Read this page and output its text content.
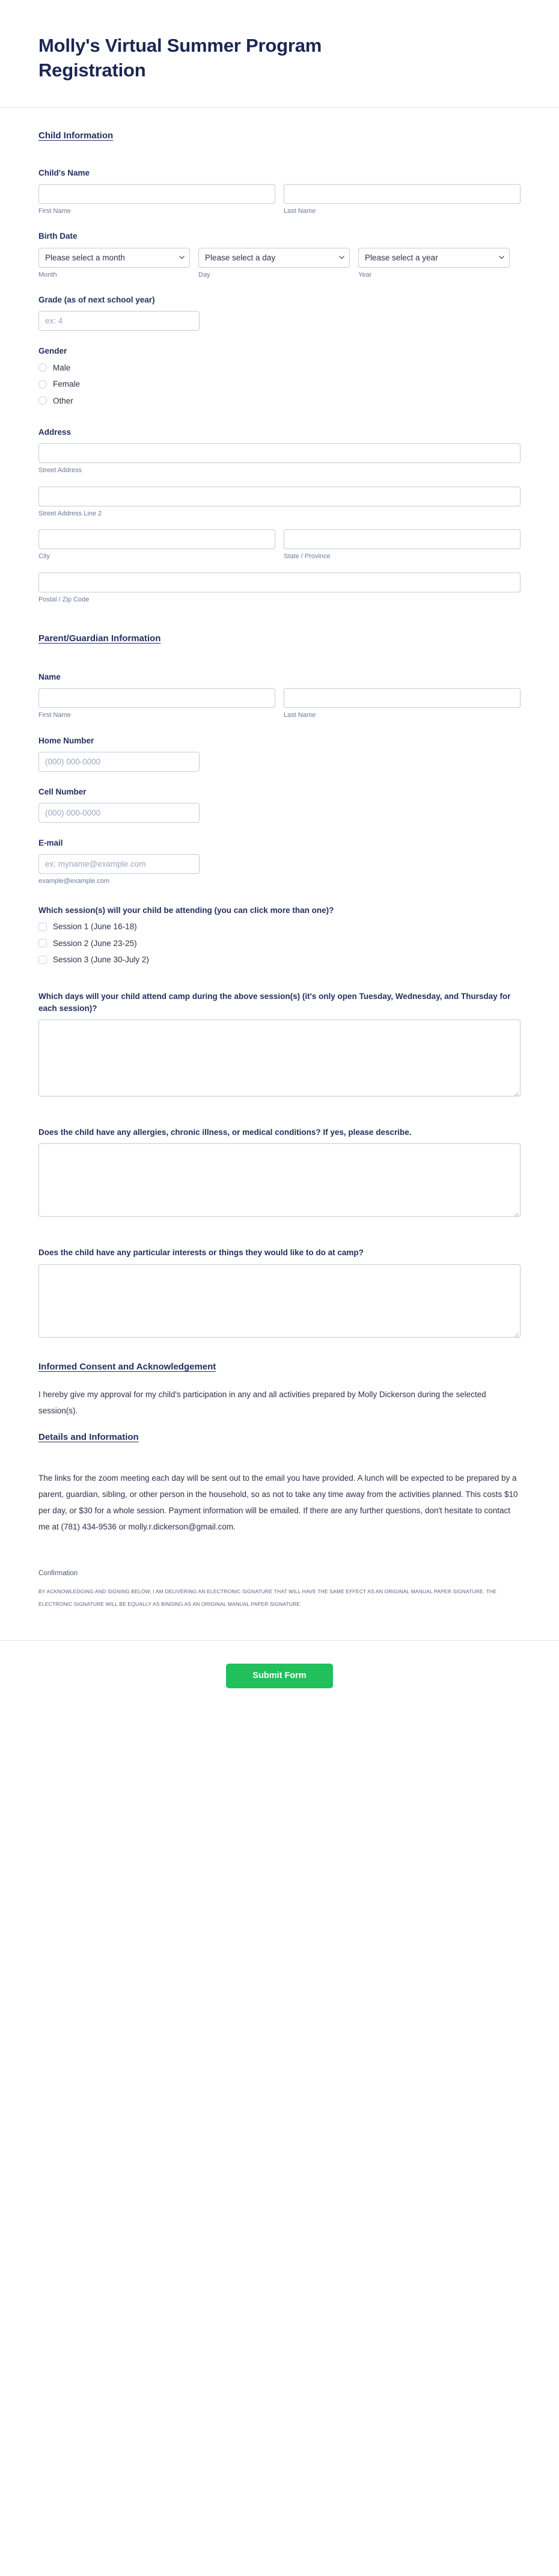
Molly's Virtual Summer Program Registration
Child Information
Child's Name
First Name	Last Name
Birth Date
Please select a month
Month
Please select a day
Day
Please select a year
Year
Grade (as of next school year)
ex: 4
Gender
Male
Female
Other
Address
Street Address
Street Address Line 2
City	State / Province
Postal / Zip Code
Parent/Guardian Information
Name
First Name	Last Name
Home Number
(000) 000-0000
Cell Number
(000) 000-0000
E-mail
ex: myname@example.com
example@example.com
Which session(s) will your child be attending (you can click more than one)?
Session 1 (June 16-18)
Session 2 (June 23-25)
Session 3 (June 30-July 2)
Which days will your child attend camp during the above session(s) (it's only open Tuesday, Wednesday, and Thursday for each session)?
Does the child have any allergies, chronic illness, or medical conditions? If yes, please describe.
Does the child have any particular interests or things they would like to do at camp?
Informed Consent and Acknowledgement

I hereby give my approval for my child's participation in any and all activities prepared by Molly Dickerson during the selected session(s).

Details and Information

The links for the zoom meeting each day will be sent out to the email you have provided. A lunch will be expected to be prepared by a parent, guardian, sibling, or other person in the household, so as not to take any time away from the activities planned. This costs $10 per day, or $30 for a whole session. Payment information will be emailed. If there are any further questions, don't hesitate to contact me at (781) 434-9536 or molly.r.dickerson@gmail.com.

Confirmation

BY ACKNOWLEDGING AND SIGNING BELOW, I AM DELIVERING AN ELECTRONIC SIGNATURE THAT WILL HAVE THE SAME EFFECT AS AN ORIGINAL MANUAL PAPER SIGNATURE. THE ELECTRONIC SIGNATURE WILL BE EQUALLY AS BINDING AS AN ORIGINAL MANUAL PAPER SIGNATURE.

Submit Form
